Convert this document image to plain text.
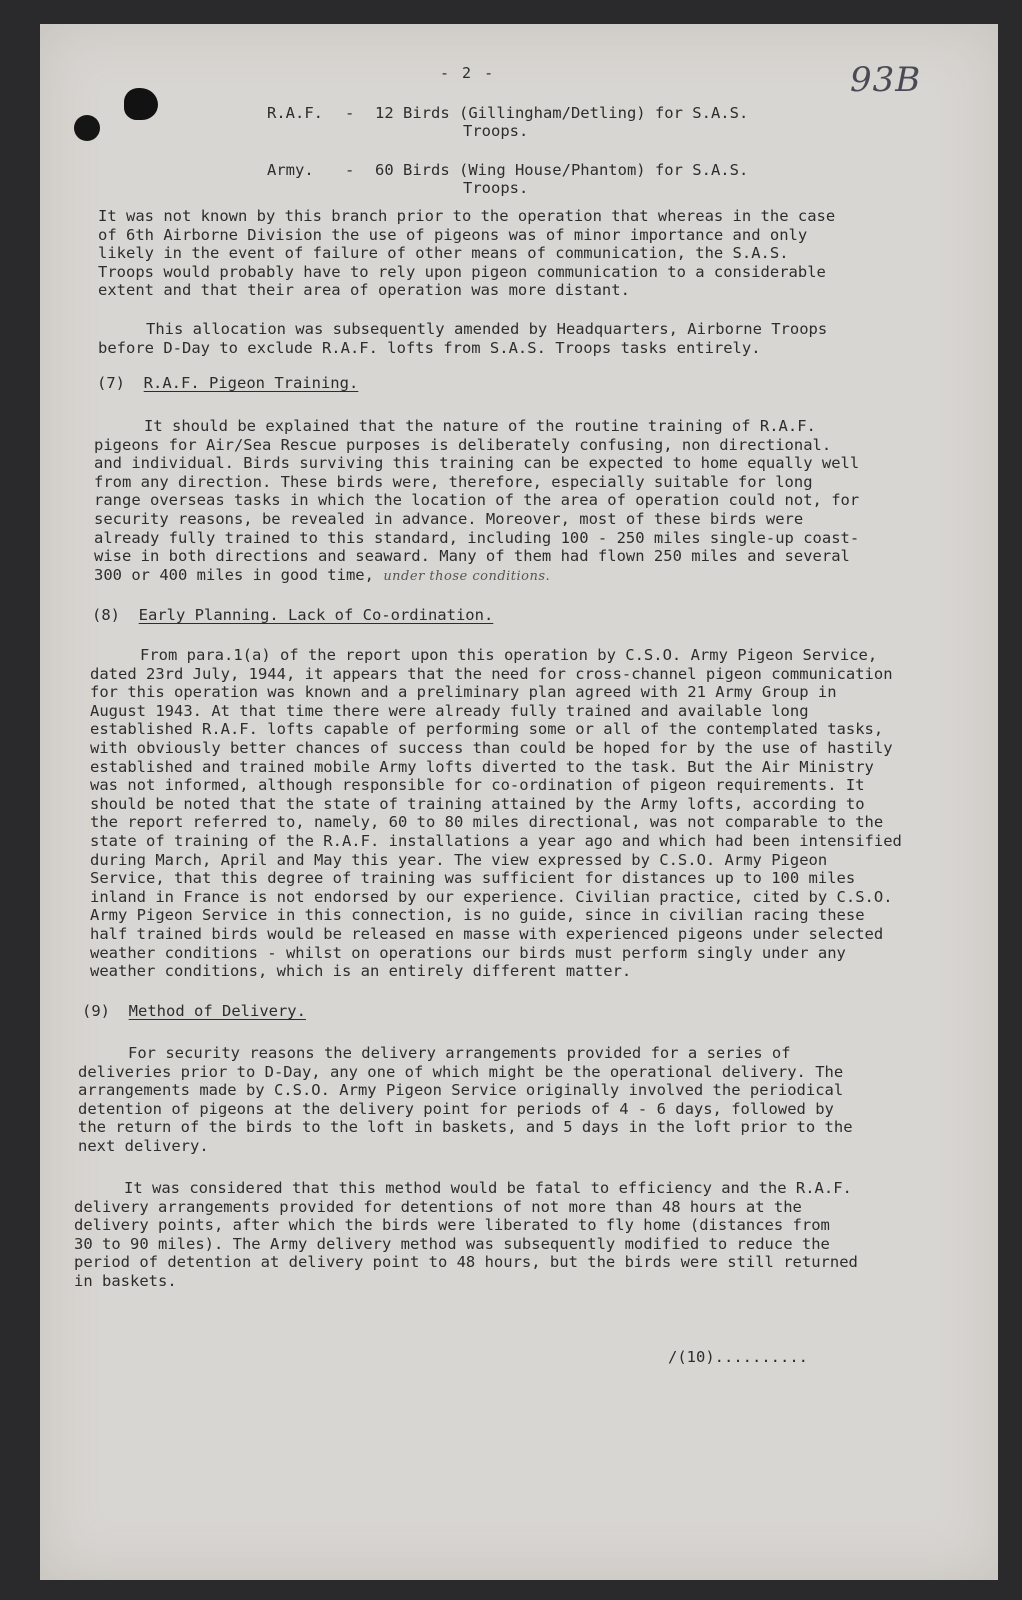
93B
- 2 -
R.A.F. - 12 Birds (Gillingham/Detling) for S.A.S.
Troops.
Army. - 60 Birds (Wing House/Phantom) for S.A.S.
Troops.
It was not known by this branch prior to the operation that whereas in the case
of 6th Airborne Division the use of pigeons was of minor importance and only
likely in the event of failure of other means of communication, the S.A.S.
Troops would probably have to rely upon pigeon communication to a considerable
extent and that their area of operation was more distant.
This allocation was subsequently amended by Headquarters, Airborne Troops
before D-Day to exclude R.A.F. lofts from S.A.S. Troops tasks entirely.
(7) R.A.F. Pigeon Training.
It should be explained that the nature of the routine training of R.A.F.
pigeons for Air/Sea Rescue purposes is deliberately confusing, non directional.
and individual. Birds surviving this training can be expected to home equally well
from any direction. These birds were, therefore, especially suitable for long
range overseas tasks in which the location of the area of operation could not, for
security reasons, be revealed in advance. Moreover, most of these birds were
already fully trained to this standard, including 100 - 250 miles single-up coast-
wise in both directions and seaward. Many of them had flown 250 miles and several
300 or 400 miles in good time, under those conditions.
(8) Early Planning. Lack of Co-ordination.
From para.1(a) of the report upon this operation by C.S.O. Army Pigeon Service,
dated 23rd July, 1944, it appears that the need for cross-channel pigeon communication
for this operation was known and a preliminary plan agreed with 21 Army Group in
August 1943. At that time there were already fully trained and available long
established R.A.F. lofts capable of performing some or all of the contemplated tasks,
with obviously better chances of success than could be hoped for by the use of hastily
established and trained mobile Army lofts diverted to the task. But the Air Ministry
was not informed, although responsible for co-ordination of pigeon requirements. It
should be noted that the state of training attained by the Army lofts, according to
the report referred to, namely, 60 to 80 miles directional, was not comparable to the
state of training of the R.A.F. installations a year ago and which had been intensified
during March, April and May this year. The view expressed by C.S.O. Army Pigeon
Service, that this degree of training was sufficient for distances up to 100 miles
inland in France is not endorsed by our experience. Civilian practice, cited by C.S.O.
Army Pigeon Service in this connection, is no guide, since in civilian racing these
half trained birds would be released en masse with experienced pigeons under selected
weather conditions - whilst on operations our birds must perform singly under any
weather conditions, which is an entirely different matter.
(9) Method of Delivery.
For security reasons the delivery arrangements provided for a series of
deliveries prior to D-Day, any one of which might be the operational delivery. The
arrangements made by C.S.O. Army Pigeon Service originally involved the periodical
detention of pigeons at the delivery point for periods of 4 - 6 days, followed by
the return of the birds to the loft in baskets, and 5 days in the loft prior to the
next delivery.
It was considered that this method would be fatal to efficiency and the R.A.F.
delivery arrangements provided for detentions of not more than 48 hours at the
delivery points, after which the birds were liberated to fly home (distances from
30 to 90 miles). The Army delivery method was subsequently modified to reduce the
period of detention at delivery point to 48 hours, but the birds were still returned
in baskets.
/(10)..........
